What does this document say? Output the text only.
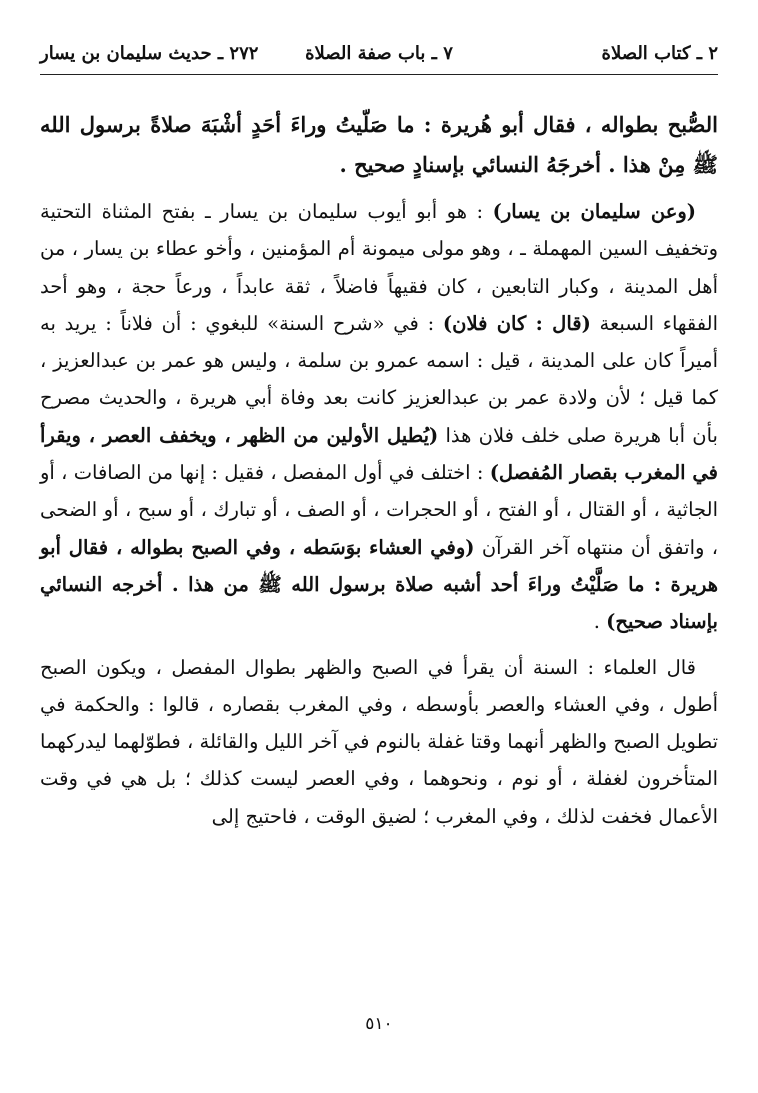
٢ ـ كتاب الصلاة
٧ ـ باب صفة الصلاة
٢٧٢ ـ حديث سليمان بن يسار

الصُّبح بطواله ، فقال أبو هُريرة : ما صَلّيتُ وراءَ أحَدٍ أشْبَهَ صلاةً برسول الله ﷺ مِنْ هذا . أخرجَهُ النسائي بإسنادٍ صحيح .

(وعن سليمان بن يسار) : هو أبو أيوب سليمان بن يسار ـ بفتح المثناة التحتية وتخفيف السين المهملة ـ ، وهو مولى ميمونة أم المؤمنين ، وأخو عطاء بن يسار ، من أهل المدينة ، وكبار التابعين ، كان فقيهاً فاضلاً ، ثقة عابداً ، ورعاً حجة ، وهو أحد الفقهاء السبعة (قال : كان فلان) : في «شرح السنة» للبغوي : أن فلاناً : يريد به أميراً كان على المدينة ، قيل : اسمه عمرو بن سلمة ، وليس هو عمر بن عبدالعزيز ، كما قيل ؛ لأن ولادة عمر بن عبدالعزيز كانت بعد وفاة أبي هريرة ، والحديث مصرح بأن أبا هريرة صلى خلف فلان هذا (يُطيل الأولين من الظهر ، ويخفف العصر ، ويقرأ في المغرب بقصار المُفصل) : اختلف في أول المفصل ، فقيل : إنها من الصافات ، أو الجاثية ، أو القتال ، أو الفتح ، أو الحجرات ، أو الصف ، أو تبارك ، أو سبح ، أو الضحى ، واتفق أن منتهاه آخر القرآن (وفي العشاء بوَسَطه ، وفي الصبح بطواله ، فقال أبو هريرة : ما صَلَّيْتُ وراءَ أحد أشبه صلاة برسول الله ﷺ من هذا . أخرجه النسائي بإسناد صحيح) .

قال العلماء : السنة أن يقرأ في الصبح والظهر بطوال المفصل ، ويكون الصبح أطول ، وفي العشاء والعصر بأوسطه ، وفي المغرب بقصاره ، قالوا : والحكمة في تطويل الصبح والظهر أنهما وقتا غفلة بالنوم في آخر الليل والقائلة ، فطوّلهما ليدركهما المتأخرون لغفلة ، أو نوم ، ونحوهما ، وفي العصر ليست كذلك ؛ بل هي في وقت الأعمال فخفت لذلك ، وفي المغرب ؛ لضيق الوقت ، فاحتيج إلى

٥١٠
